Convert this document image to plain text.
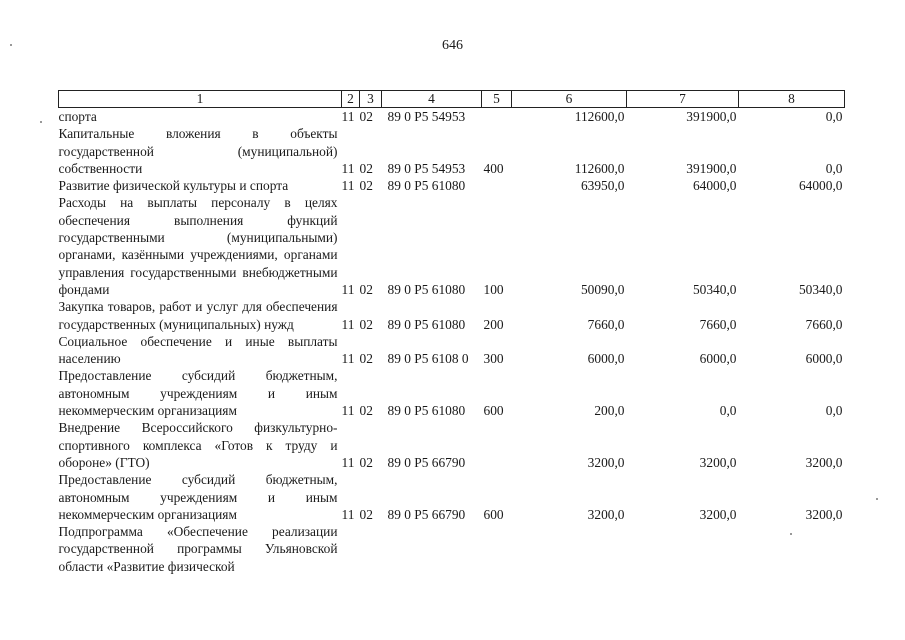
646
1	2	3	4	5	6	7	8
спорта	11	02	89 0 P5 54953		112600,0	391900,0	0,0
Капитальные вложения в объекты государственной (муниципальной) собственности	11	02	89 0 P5 54953	400	112600,0	391900,0	0,0
Развитие физической культуры и спорта	11	02	89 0 P5 61080		63950,0	64000,0	64000,0
Расходы на выплаты персоналу в целях обеспечения выполнения функций государственными (муниципальными) органами, казёнными учреждениями, органами управления государственными внебюджетными фондами	11	02	89 0 P5 61080	100	50090,0	50340,0	50340,0
Закупка товаров, работ и услуг для обеспечения государственных (муниципальных) нужд	11	02	89 0 P5 61080	200	7660,0	7660,0	7660,0
Социальное обеспечение и иные выплаты населению	11	02	89 0 P5 6108 0	300	6000,0	6000,0	6000,0
Предоставление субсидий бюджетным, автономным учреждениям и иным некоммерческим организациям	11	02	89 0 P5 61080	600	200,0	0,0	0,0
Внедрение Всероссийского физкультурно-спортивного комплекса «Готов к труду и обороне» (ГТО)	11	02	89 0 P5 66790		3200,0	3200,0	3200,0
Предоставление субсидий бюджетным, автономным учреждениям и иным некоммерческим организациям	11	02	89 0 P5 66790	600	3200,0	3200,0	3200,0
Подпрограмма «Обеспечение реализации государственной программы Ульяновской области «Развитие физической							
